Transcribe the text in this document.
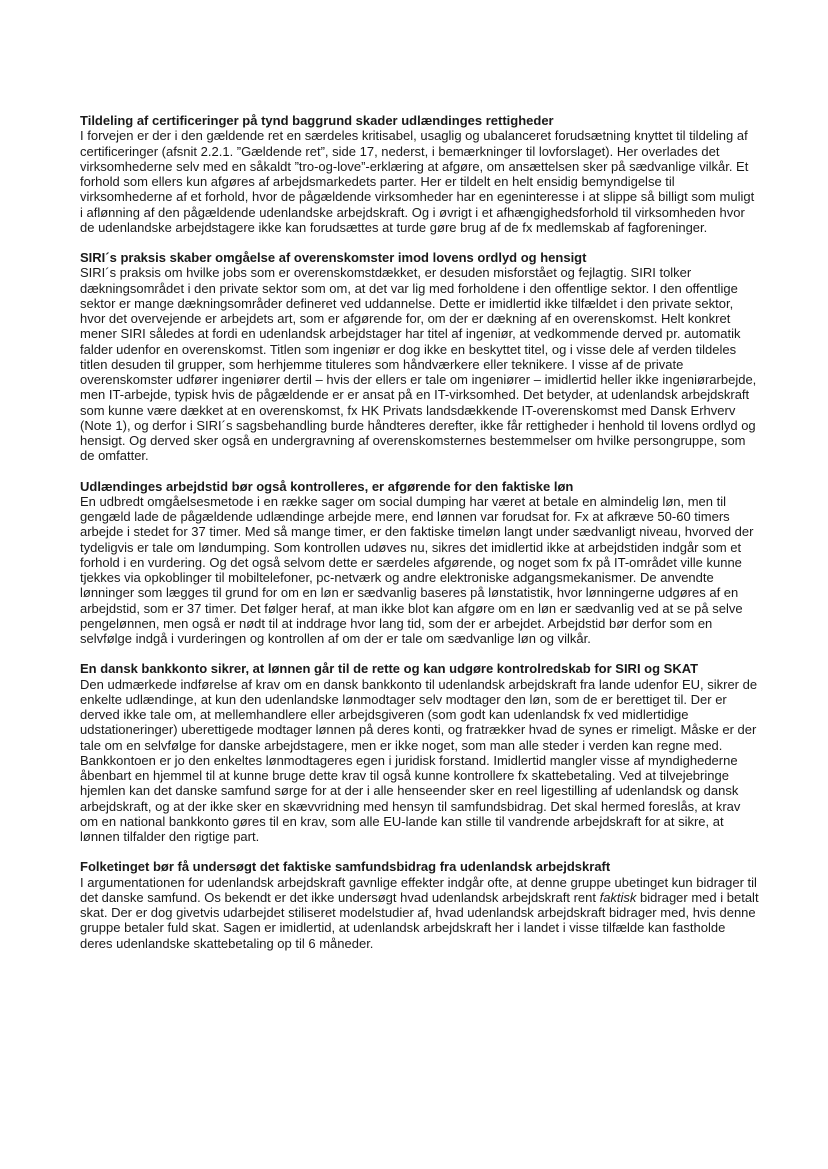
Tildeling af certificeringer på tynd baggrund skader udlændinges rettigheder
I forvejen er der i den gældende ret en særdeles kritisabel, usaglig og ubalanceret forudsætning knyttet til tildeling af certificeringer (afsnit 2.2.1. ”Gældende ret”, side 17, nederst, i bemærkninger til lovforslaget). Her overlades det virksomhederne selv med en såkaldt ”tro-og-love”-erklæring at afgøre, om ansættelsen sker på sædvanlige vilkår. Et forhold som ellers kun afgøres af arbejdsmarkedets parter. Her er tildelt en helt ensidig bemyndigelse til virksomhederne af et forhold, hvor de pågældende virksomheder har en egeninteresse i at slippe så billigt som muligt i aflønning af den pågældende udenlandske arbejdskraft. Og i øvrigt i et afhængighedsforhold til virksomheden hvor de udenlandske arbejdstagere ikke kan forudsættes at turde gøre brug af de fx medlemskab af fagforeninger.
SIRI´s praksis skaber omgåelse af overenskomster imod lovens ordlyd og hensigt
SIRI´s praksis om hvilke jobs som er overenskomstdækket, er desuden misforstået og fejlagtig. SIRI tolker dækningsområdet i den private sektor som om, at det var lig med forholdene i den offentlige sektor. I den offentlige sektor er mange dækningsområder defineret ved uddannelse. Dette er imidlertid ikke tilfældet i den private sektor, hvor det overvejende er arbejdets art, som er afgørende for, om der er dækning af en overenskomst. Helt konkret mener SIRI således at fordi en udenlandsk arbejdstager har titel af ingeniør, at vedkommende derved pr. automatik falder udenfor en overenskomst. Titlen som ingeniør er dog ikke en beskyttet titel, og i visse dele af verden tildeles titlen desuden til grupper, som herhjemme tituleres som håndværkere eller teknikere. I visse af de private overenskomster udfører ingeniører dertil – hvis der ellers er tale om ingeniører – imidlertid heller ikke ingeniørarbejde, men IT-arbejde, typisk hvis de pågældende er er ansat på en IT-virksomhed. Det betyder, at udenlandsk arbejdskraft som kunne være dækket at en overenskomst, fx HK Privats landsdækkende IT-overenskomst med Dansk Erhverv (Note 1), og derfor i SIRI´s sagsbehandling burde håndteres derefter, ikke får rettigheder i henhold til lovens ordlyd og hensigt. Og derved sker også en undergravning af overenskomsternes bestemmelser om hvilke persongruppe, som de omfatter.
Udlændinges arbejdstid bør også kontrolleres, er afgørende for den faktiske løn
En udbredt omgåelsesmetode i en række sager om social dumping har været at betale en almindelig løn, men til gengæld lade de pågældende udlændinge arbejde mere, end lønnen var forudsat for. Fx at afkræve 50-60 timers arbejde i stedet for 37 timer. Med så mange timer, er den faktiske timeløn langt under sædvanligt niveau, hvorved der tydeligvis er tale om løndumping. Som kontrollen udøves nu, sikres det imidlertid ikke at arbejdstiden indgår som et forhold i en vurdering. Og det også selvom dette er særdeles afgørende, og noget som fx på IT-området ville kunne tjekkes via opkoblinger til mobiltelefoner, pc-netværk og andre elektroniske adgangsmekanismer. De anvendte lønninger som lægges til grund for om en løn er sædvanlig baseres på lønstatistik, hvor lønningerne udgøres af en arbejdstid, som er 37 timer. Det følger heraf, at man ikke blot kan afgøre om en løn er sædvanlig ved at se på selve pengelønnen, men også er nødt til at inddrage hvor lang tid, som der er arbejdet. Arbejdstid bør derfor som en selvfølge indgå i vurderingen og kontrollen af om der er tale om sædvanlige løn og vilkår.
En dansk bankkonto sikrer, at lønnen går til de rette og kan udgøre kontrolredskab for SIRI og SKAT
Den udmærkede indførelse af krav om en dansk bankkonto til udenlandsk arbejdskraft fra lande udenfor EU, sikrer de enkelte udlændinge, at kun den udenlandske lønmodtager selv modtager den løn, som de er berettiget til. Der er derved ikke tale om, at mellemhandlere eller arbejdsgiveren (som godt kan udenlandsk fx ved midlertidige udstationeringer) uberettigede modtager lønnen på deres konti, og fratrækker hvad de synes er rimeligt. Måske er der tale om en selvfølge for danske arbejdstagere, men er ikke noget, som man alle steder i verden kan regne med. Bankkontoen er jo den enkeltes lønmodtageres egen i juridisk forstand. Imidlertid mangler visse af myndighederne åbenbart en hjemmel til at kunne bruge dette krav til også kunne kontrollere fx skattebetaling. Ved at tilvejebringe hjemlen kan det danske samfund sørge for at der i alle henseender sker en reel ligestilling af udenlandsk og dansk arbejdskraft, og at der ikke sker en skævvridning med hensyn til samfundsbidrag. Det skal hermed foreslås, at krav om en national bankkonto gøres til en krav, som alle EU-lande kan stille til vandrende arbejdskraft for at sikre, at lønnen tilfalder den rigtige part.
Folketinget bør få undersøgt det faktiske samfundsbidrag fra udenlandsk arbejdskraft
I argumentationen for udenlandsk arbejdskraft gavnlige effekter indgår ofte, at denne gruppe ubetinget kun bidrager til det danske samfund. Os bekendt er det ikke undersøgt hvad udenlandsk arbejdskraft rent faktisk bidrager med i betalt skat. Der er dog givetvis udarbejdet stiliseret modelstudier af, hvad udenlandsk arbejdskraft bidrager med, hvis denne gruppe betaler fuld skat. Sagen er imidlertid, at udenlandsk arbejdskraft her i landet i visse tilfælde kan fastholde deres udenlandske skattebetaling op til 6 måneder.
